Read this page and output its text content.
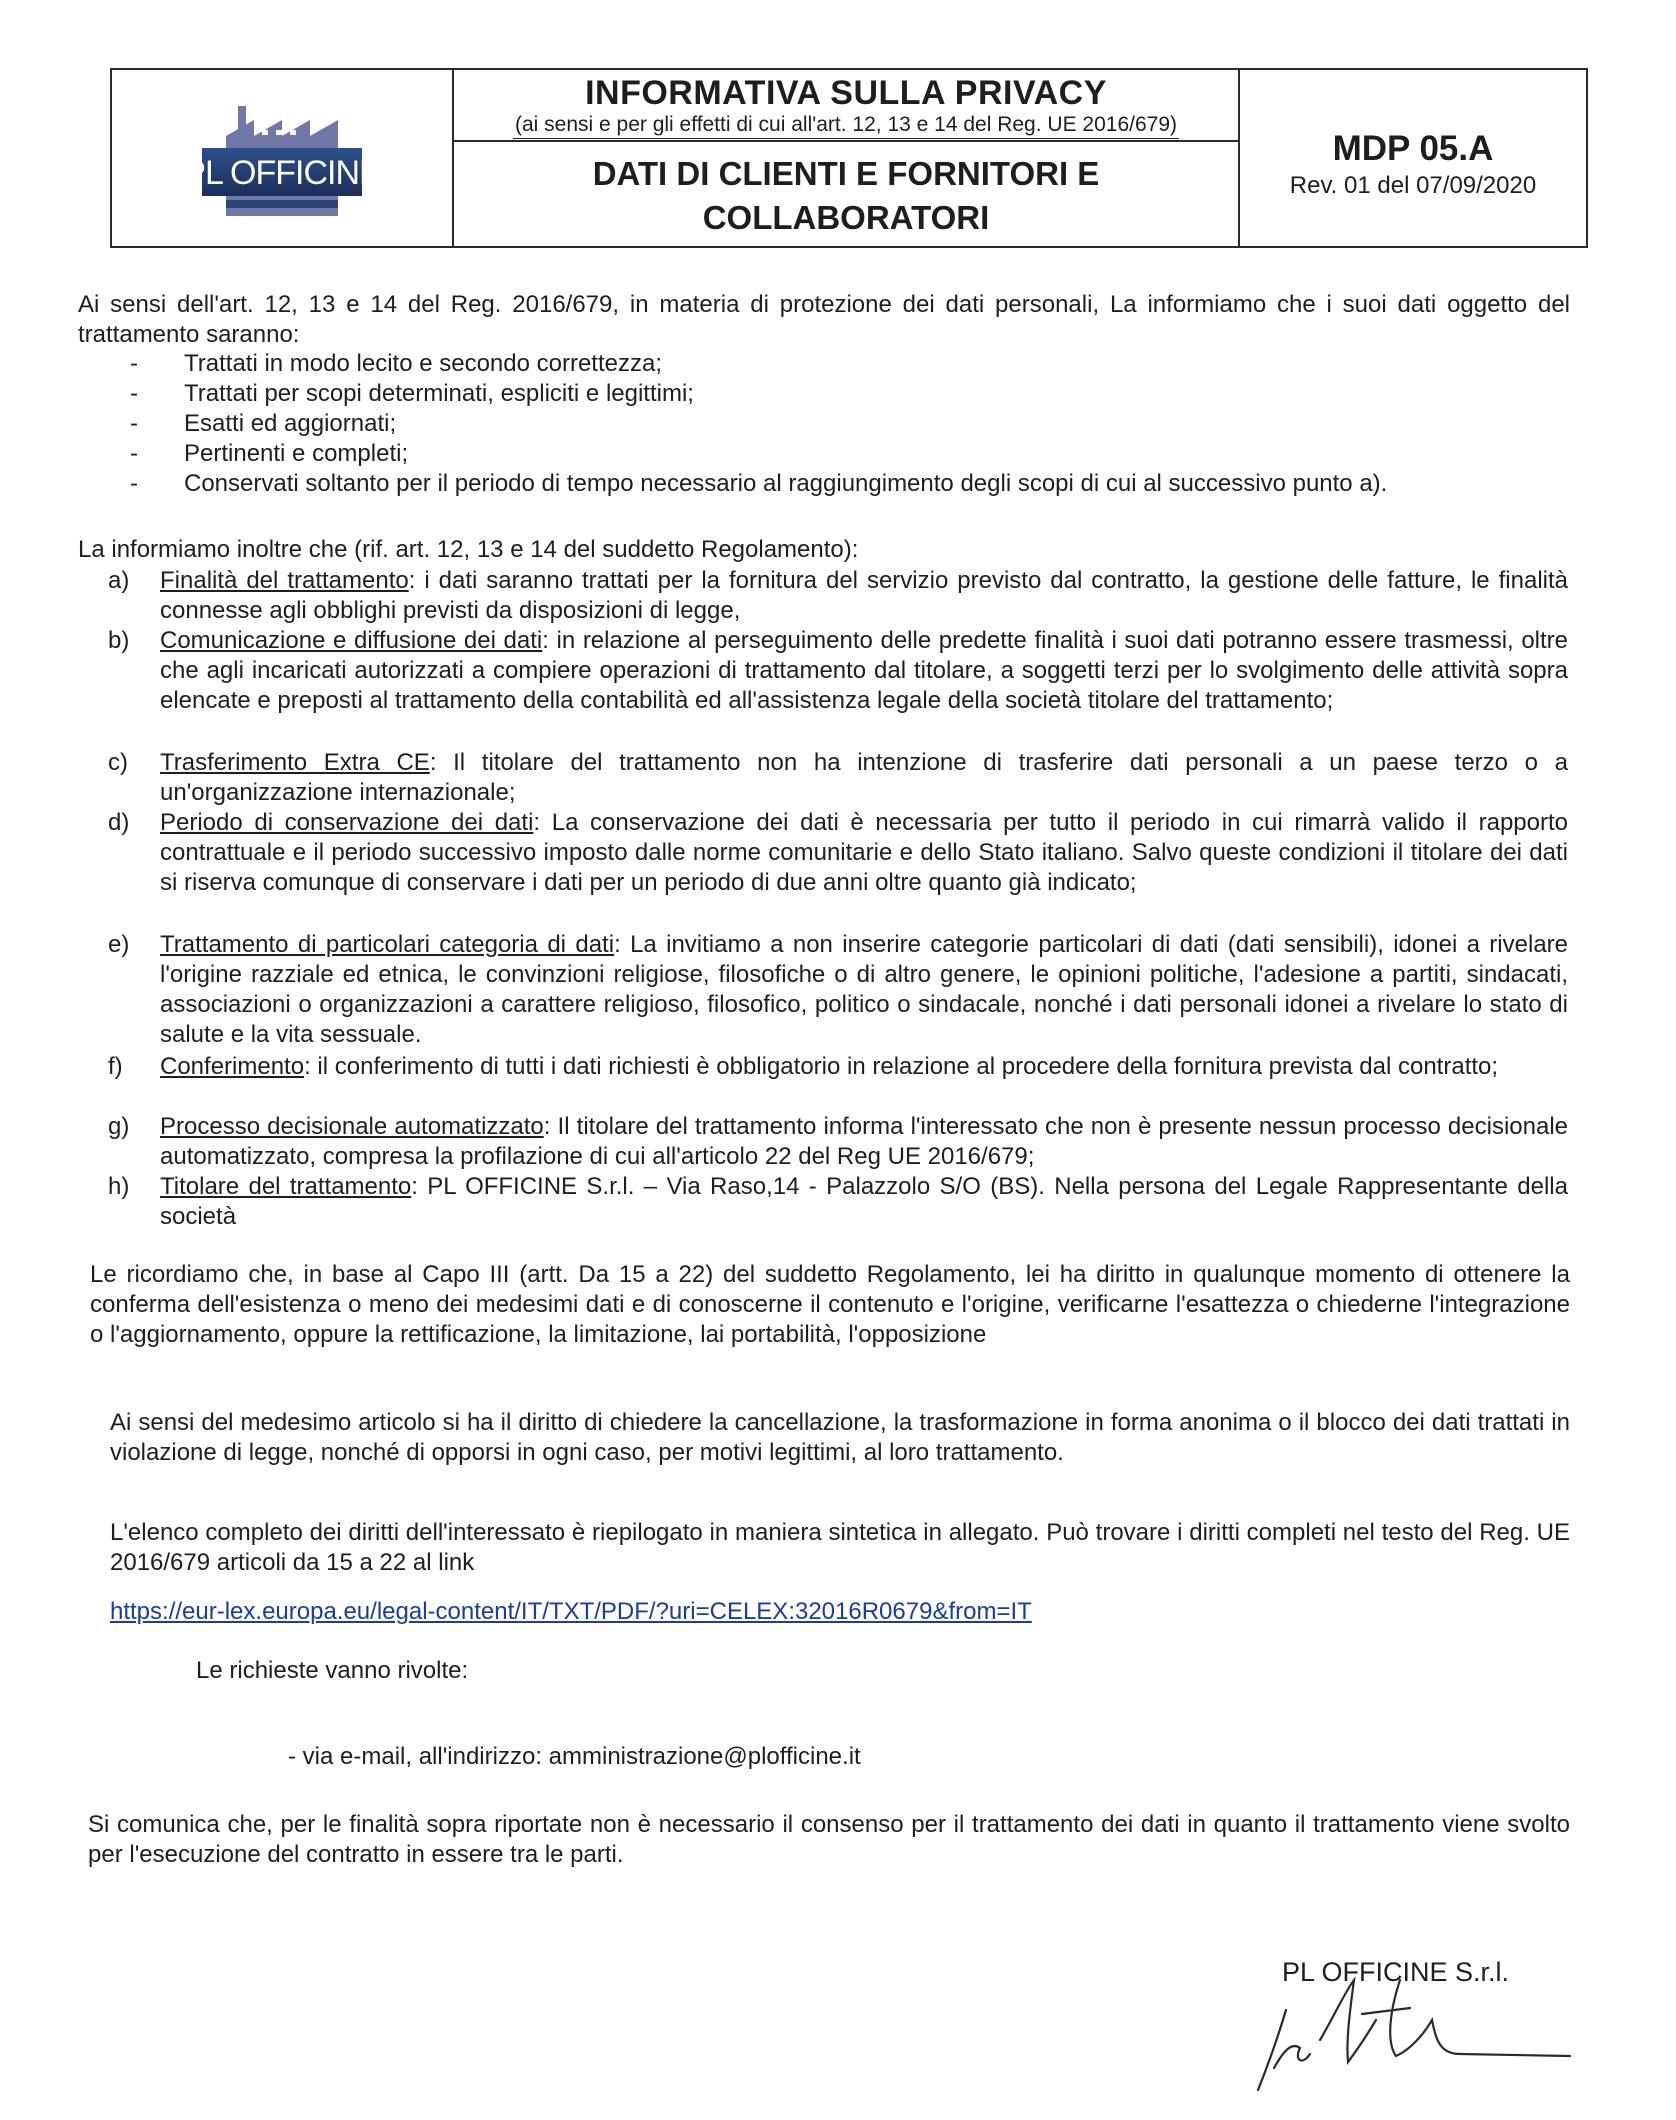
PL OFFICINE
INFORMATIVA SULLA PRIVACY
(ai sensi e per gli effetti di cui all'art. 12, 13 e 14 del Reg. UE 2016/679)
DATI DI CLIENTI E FORNITORI E
COLLABORATORI
MDP 05.A
Rev. 01 del 07/09/2020
Ai sensi dell'art. 12, 13 e 14 del Reg. 2016/679, in materia di protezione dei dati personali, La informiamo che i suoi dati oggetto del trattamento saranno:
- Trattati in modo lecito e secondo correttezza;
- Trattati per scopi determinati, espliciti e legittimi;
- Esatti ed aggiornati;
- Pertinenti e completi;
- Conservati soltanto per il periodo di tempo necessario al raggiungimento degli scopi di cui al successivo punto a).
La informiamo inoltre che (rif. art. 12, 13 e 14 del suddetto Regolamento):
a) Finalità del trattamento: i dati saranno trattati per la fornitura del servizio previsto dal contratto, la gestione delle fatture, le finalità connesse agli obblighi previsti da disposizioni di legge,
b) Comunicazione e diffusione dei dati: in relazione al perseguimento delle predette finalità i suoi dati potranno essere trasmessi, oltre che agli incaricati autorizzati a compiere operazioni di trattamento dal titolare, a soggetti terzi per lo svolgimento delle attività sopra elencate e preposti al trattamento della contabilità ed all'assistenza legale della società titolare del trattamento;
c) Trasferimento Extra CE: Il titolare del trattamento non ha intenzione di trasferire dati personali a un paese terzo o a un'organizzazione internazionale;
d) Periodo di conservazione dei dati: La conservazione dei dati è necessaria per tutto il periodo in cui rimarrà valido il rapporto contrattuale e il periodo successivo imposto dalle norme comunitarie e dello Stato italiano. Salvo queste condizioni il titolare dei dati si riserva comunque di conservare i dati per un periodo di due anni oltre quanto già indicato;
e) Trattamento di particolari categoria di dati: La invitiamo a non inserire categorie particolari di dati (dati sensibili), idonei a rivelare l'origine razziale ed etnica, le convinzioni religiose, filosofiche o di altro genere, le opinioni politiche, l'adesione a partiti, sindacati, associazioni o organizzazioni a carattere religioso, filosofico, politico o sindacale, nonché i dati personali idonei a rivelare lo stato di salute e la vita sessuale.
f) Conferimento: il conferimento di tutti i dati richiesti è obbligatorio in relazione al procedere della fornitura prevista dal contratto;
g) Processo decisionale automatizzato: Il titolare del trattamento informa l'interessato che non è presente nessun processo decisionale automatizzato, compresa la profilazione di cui all'articolo 22 del Reg UE 2016/679;
h) Titolare del trattamento: PL OFFICINE S.r.l. – Via Raso,14 - Palazzolo S/O (BS). Nella persona del Legale Rappresentante della società
Le ricordiamo che, in base al Capo III (artt. Da 15 a 22) del suddetto Regolamento, lei ha diritto in qualunque momento di ottenere la conferma dell'esistenza o meno dei medesimi dati e di conoscerne il contenuto e l'origine, verificarne l'esattezza o chiederne l'integrazione o l'aggiornamento, oppure la rettificazione, la limitazione, lai portabilità, l'opposizione
Ai sensi del medesimo articolo si ha il diritto di chiedere la cancellazione, la trasformazione in forma anonima o il blocco dei dati trattati in violazione di legge, nonché di opporsi in ogni caso, per motivi legittimi, al loro trattamento.
L'elenco completo dei diritti dell'interessato è riepilogato in maniera sintetica in allegato. Può trovare i diritti completi nel testo del Reg. UE 2016/679 articoli da 15 a 22 al link
https://eur-lex.europa.eu/legal-content/IT/TXT/PDF/?uri=CELEX:32016R0679&from=IT
Le richieste vanno rivolte:
- via e-mail, all'indirizzo: amministrazione@plofficine.it
Si comunica che, per le finalità sopra riportate non è necessario il consenso per il trattamento dei dati in quanto il trattamento viene svolto per l'esecuzione del contratto in essere tra le parti.
PL OFFICINE S.r.l.
